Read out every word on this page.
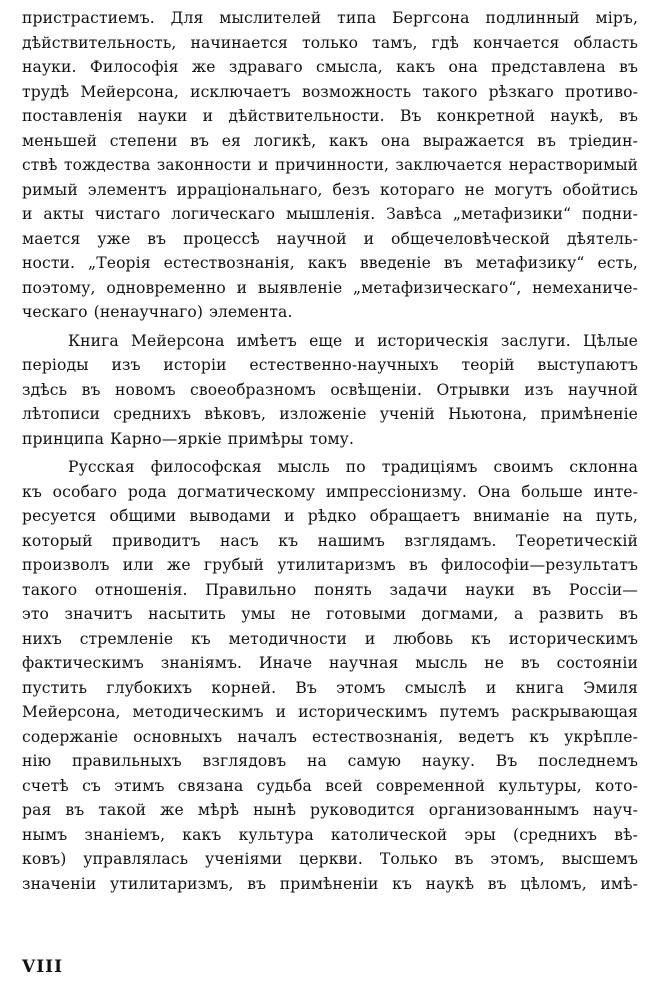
пристрастиемъ. Для мыслителей типа Бергсона подлинный міръ,
дѣйствительность, начинается только тамъ, гдѣ кончается область
науки. Философія же здраваго смысла, какъ она представлена въ
трудѣ Мейерсона, исключаетъ возможность такого рѣзкаго противо-
поставленія науки и дѣйствительности. Въ конкретной наукѣ, въ
меньшей степени въ ея логикѣ, какъ она выражается въ тріедин-
ствѣ тождества законности и причинности, заключается нерастворимый
римый элементъ ирраціональнаго, безъ котораго не могутъ обойтись
и акты чистаго логическаго мышленія. Завѣса „метафизики“ подни-
мается уже въ процессѣ научной и общечеловѣческой дѣятель-
ности. „Теорія естествознанія, какъ введеніе въ метафизику“ есть,
поэтому, одновременно и выявленіе „метафизическаго“, немеханиче-
ческаго (ненаучнаго) элемента.
Книга Мейерсона имѣетъ еще и историческія заслуги. Цѣлые
періоды изъ исторіи естественно-научныхъ теорій выступаютъ
здѣсь въ новомъ своеобразномъ освѣщеніи. Отрывки изъ научной
лѣтописи среднихъ вѣковъ, изложеніе ученій Ньютона, примѣненіе
принципа Карно—яркіе примѣры тому.
Русская философская мысль по традиціямъ своимъ склонна
къ особаго рода догматическому импрессіонизму. Она больше инте-
ресуется общими выводами и рѣдко обращаетъ вниманіе на путь,
который приводитъ насъ къ нашимъ взглядамъ. Теоретическій
произволъ или же грубый утилитаризмъ въ философіи—результатъ
такого отношенія. Правильно понять задачи науки въ Россіи—
это значитъ насытить умы не готовыми догмами, а развить въ
нихъ стремленіе къ методичности и любовь къ историческимъ
фактическимъ знаніямъ. Иначе научная мысль не въ состояніи
пустить глубокихъ корней. Въ этомъ смыслѣ и книга Эмиля
Мейерсона, методическимъ и историческимъ путемъ раскрывающая
содержаніе основныхъ началъ естествознанія, ведетъ къ укрѣпле-
нію правильныхъ взглядовъ на самую науку. Въ последнемъ
счетѣ съ этимъ связана судьба всей современной культуры, кото-
рая въ такой же мѣрѣ нынѣ руководится организованнымъ науч-
нымъ знаніемъ, какъ культура католической эры (среднихъ вѣ-
ковъ) управлялась ученіями церкви. Только въ этомъ, высшемъ
значеніи утилитаризмъ, въ примѣненіи къ наукѣ въ цѣломъ, имѣ-
VIII
